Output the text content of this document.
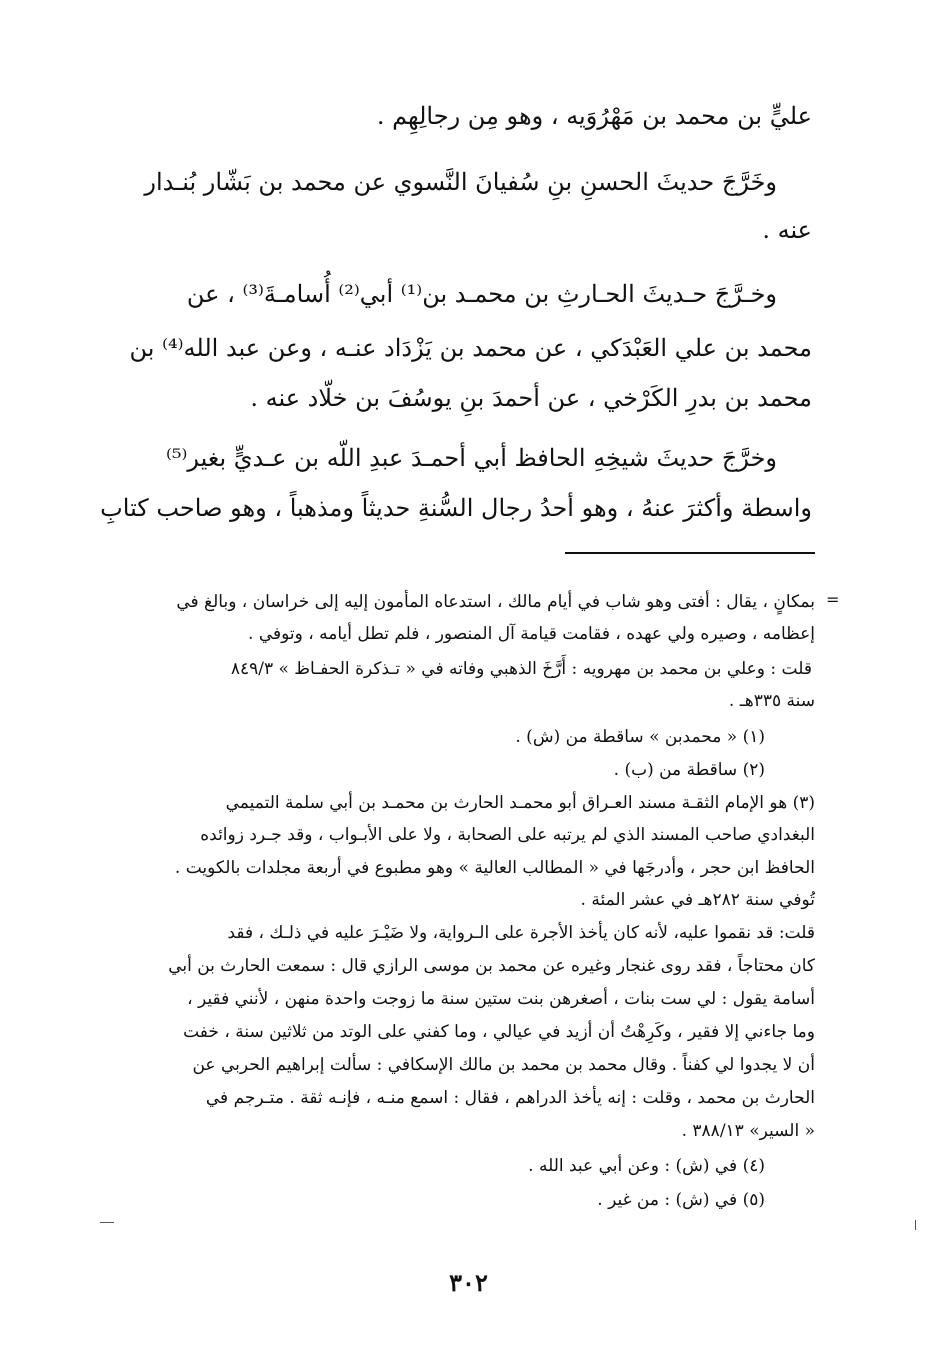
عليٍّ بن محمد بن مَهْرُوَيه ، وهو مِن رجالِهِم .
وخَرَّجَ حديثَ الحسنِ بنِ سُفيانَ النَّسوي عن محمد بن بَشّار بُنـدار
عنه .
وخـرَّجَ حـديثَ الحـارثِ بن محمـد بن⁽¹⁾ أبي⁽²⁾ أُسامـةَ⁽³⁾ ، عن
محمد بن علي العَبْدَكي ، عن محمد بن يَزْدَاد عنـه ، وعن عبد الله⁽⁴⁾ بن
محمد بن بدرِ الكَرْخي ، عن أحمدَ بنِ يوسُفَ بن خلّاد عنه .
وخرَّجَ حديثَ شيخِهِ الحافظ أبي أحمـدَ عبدِ اللّه بن عـديٍّ بغير⁽⁵⁾
واسطة وأكثرَ عنهُ ، وهو أحدُ رجال السُّنةِ حديثاً ومذهباً ، وهو صاحب كتابِ
=
بمكانٍ ، يقال : أفتى وهو شاب في أيام مالك ، استدعاه المأمون إليه إلى خراسان ، وبالغ في
إعظامه ، وصيره ولي عهده ، فقامت قيامة آل المنصور ، فلم تطل أيامه ، وتوفي .
قلت : وعلي بن محمد بن مهرويه : أَرَّخَ الذهبي وفاته في « تـذكرة الحفـاظ » ٨٤٩/٣
سنة ٣٣٥هـ .
(١) « محمدبن » ساقطة من (ش) .
(٢) ساقطة من (ب) .
(٣) هو الإمام الثقـة مسند العـراق أبو محمـد الحارث بن محمـد بن أبي سلمة التميمي
البغدادي صاحب المسند الذي لم يرتبه على الصحابة ، ولا على الأبـواب ، وقد جـرد زوائده
الحافظ ابن حجر ، وأدرجَها في « المطالب العالية » وهو مطبوع في أربعة مجلدات بالكويت .
تُوفي سنة ٢٨٢هـ في عشر المئة .
قلت: قد نقموا عليه، لأنه كان يأخذ الأجرة على الـرواية، ولا ضَيْـرَ عليه في ذلـك ، فقد
كان محتاجاً ، فقد روى غنجار وغيره عن محمد بن موسى الرازي قال : سمعت الحارث بن أبي
أسامة يقول : لي ست بنات ، أصغرهن بنت ستين سنة ما زوجت واحدة منهن ، لأنني فقير ،
وما جاءني إلا فقير ، وكَرِهْتُ أن أزيد في عيالي ، وما كفني على الوتد من ثلاثين سنة ، خفت
أن لا يجدوا لي كفناً . وقال محمد بن محمد بن مالك الإسكافي : سألت إبراهيم الحربي عن
الحارث بن محمد ، وقلت : إنه يأخذ الدراهم ، فقال : اسمع منـه ، فإنـه ثقة . متـرجم في
« السير» ٣٨٨/١٣ .
(٤) في (ش) : وعن أبي عبد الله .
(٥) في (ش) : من غير .
٣٠٢
